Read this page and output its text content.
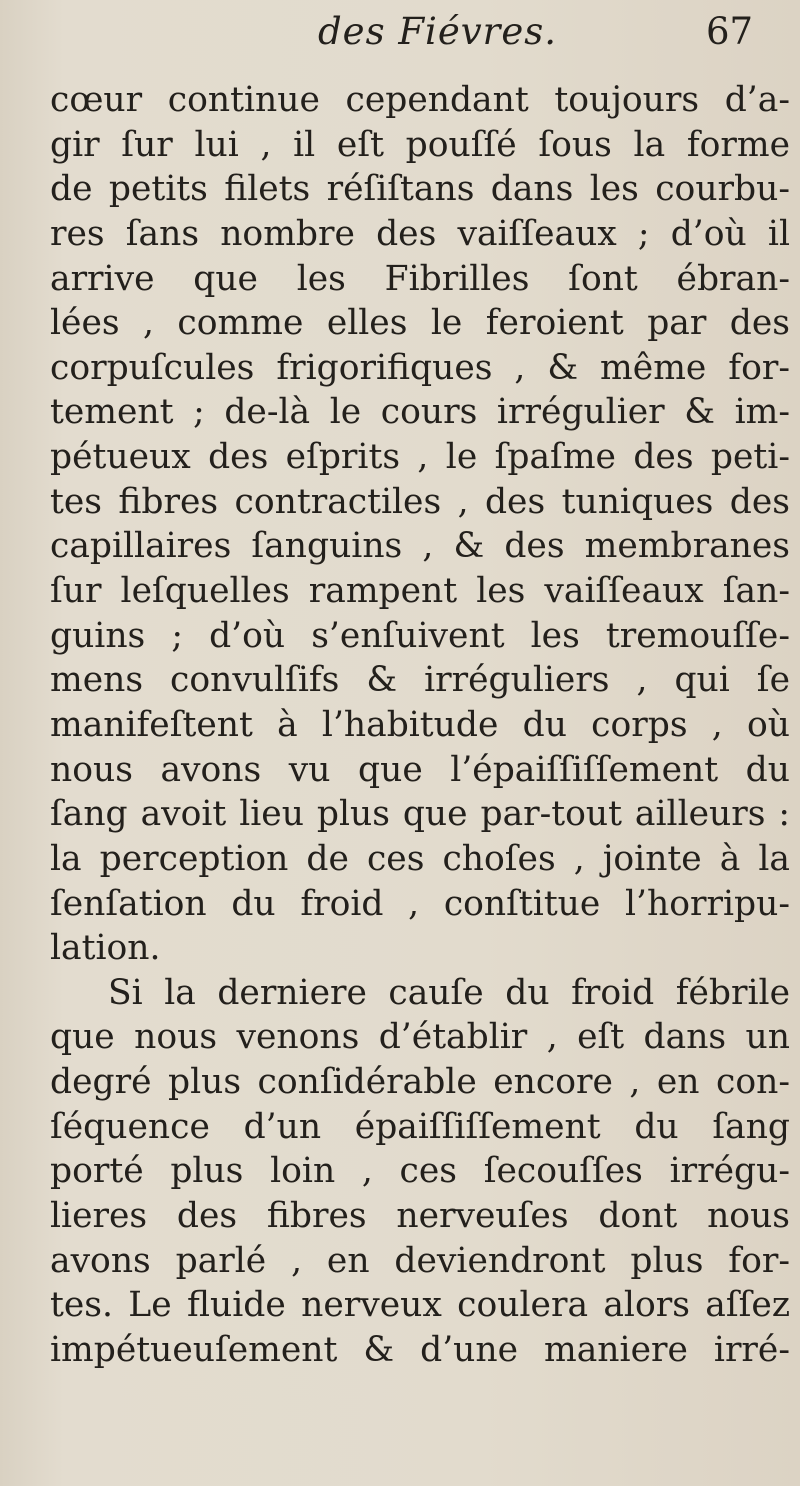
des Fiévres.	67
cœur continue cependant toujours d’a-
gir ſur lui , il eſt pouſſé ſous la forme
de petits filets réſiſtans dans les courbu-
res ſans nombre des vaiſſeaux ; d’où il
arrive que les Fibrilles ſont ébran-
lées , comme elles le feroient par des
corpuſcules frigorifiques , & même for-
tement ; de-là le cours irrégulier & im-
pétueux des eſprits , le ſpaſme des peti-
tes fibres contractiles , des tuniques des
capillaires ſanguins , & des membranes
ſur leſquelles rampent les vaiſſeaux ſan-
guins ; d’où s’enſuivent les tremouſſe-
mens convulſifs & irréguliers , qui ſe
manifeſtent à l’habitude du corps , où
nous avons vu que l’épaiſſiſſement du
ſang avoit lieu plus que par-tout ailleurs :
la perception de ces choſes , jointe à la
ſenſation du froid , conſtitue l’horripu-
lation.
Si la derniere cauſe du froid fébrile
que nous venons d’établir , eſt dans un
degré plus conſidérable encore , en con-
ſéquence d’un épaiſſiſſement du ſang
porté plus loin , ces ſecouſſes irrégu-
lieres des fibres nerveuſes dont nous
avons parlé , en deviendront plus for-
tes. Le fluide nerveux coulera alors aſſez
impétueuſement & d’une maniere irré-
